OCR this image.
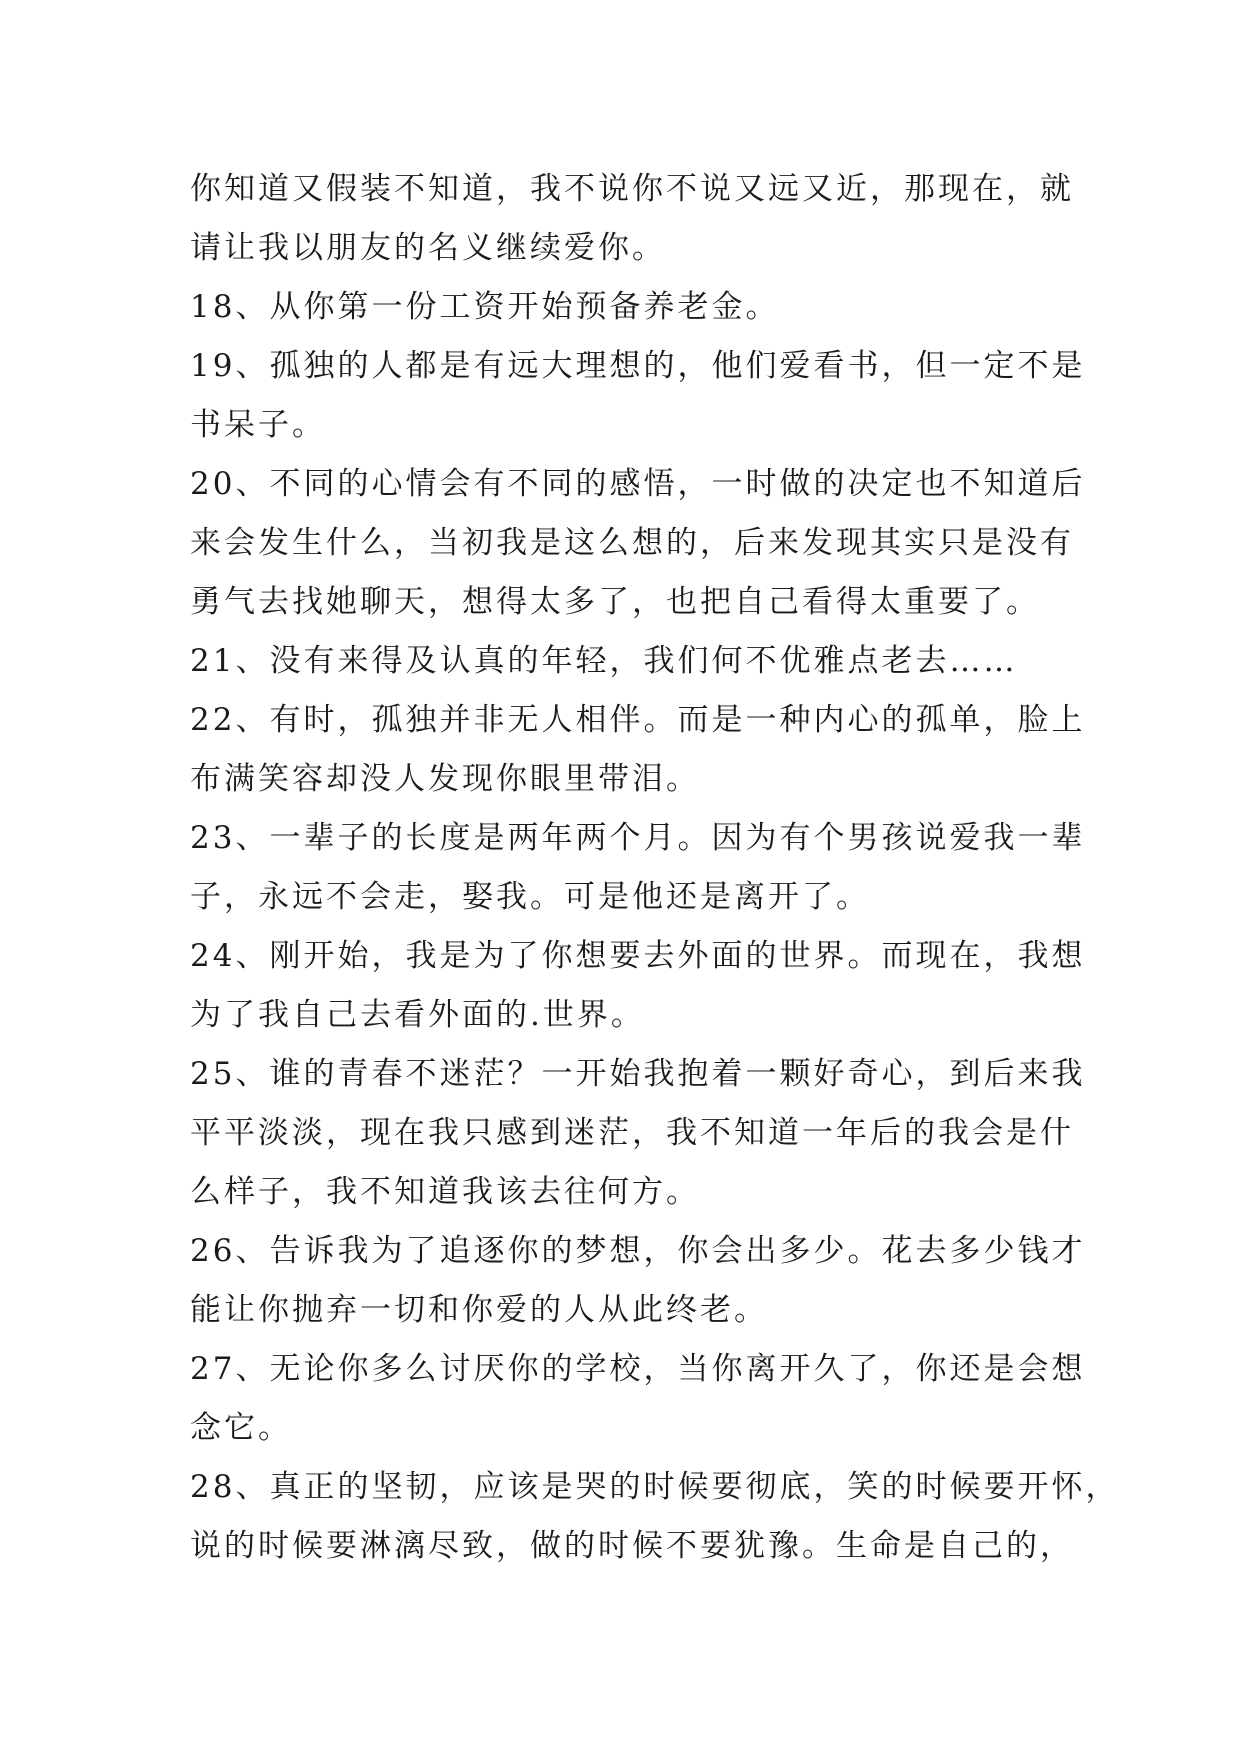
你知道又假装不知道，我不说你不说又远又近，那现在，就
请让我以朋友的名义继续爱你。
18、从你第一份工资开始预备养老金。
19、孤独的人都是有远大理想的，他们爱看书，但一定不是
书呆子。
20、不同的心情会有不同的感悟，一时做的决定也不知道后
来会发生什么，当初我是这么想的，后来发现其实只是没有
勇气去找她聊天，想得太多了，也把自己看得太重要了。
21、没有来得及认真的年轻，我们何不优雅点老去……
22、有时，孤独并非无人相伴。而是一种内心的孤单，脸上
布满笑容却没人发现你眼里带泪。
23、一辈子的长度是两年两个月。因为有个男孩说爱我一辈
子，永远不会走，娶我。可是他还是离开了。
24、刚开始，我是为了你想要去外面的世界。而现在，我想
为了我自己去看外面的.世界。
25、谁的青春不迷茫？一开始我抱着一颗好奇心，到后来我
平平淡淡，现在我只感到迷茫，我不知道一年后的我会是什
么样子，我不知道我该去往何方。
26、告诉我为了追逐你的梦想，你会出多少。花去多少钱才
能让你抛弃一切和你爱的人从此终老。
27、无论你多么讨厌你的学校，当你离开久了，你还是会想
念它。
28、真正的坚韧，应该是哭的时候要彻底，笑的时候要开怀，
说的时候要淋漓尽致，做的时候不要犹豫。生命是自己的，
